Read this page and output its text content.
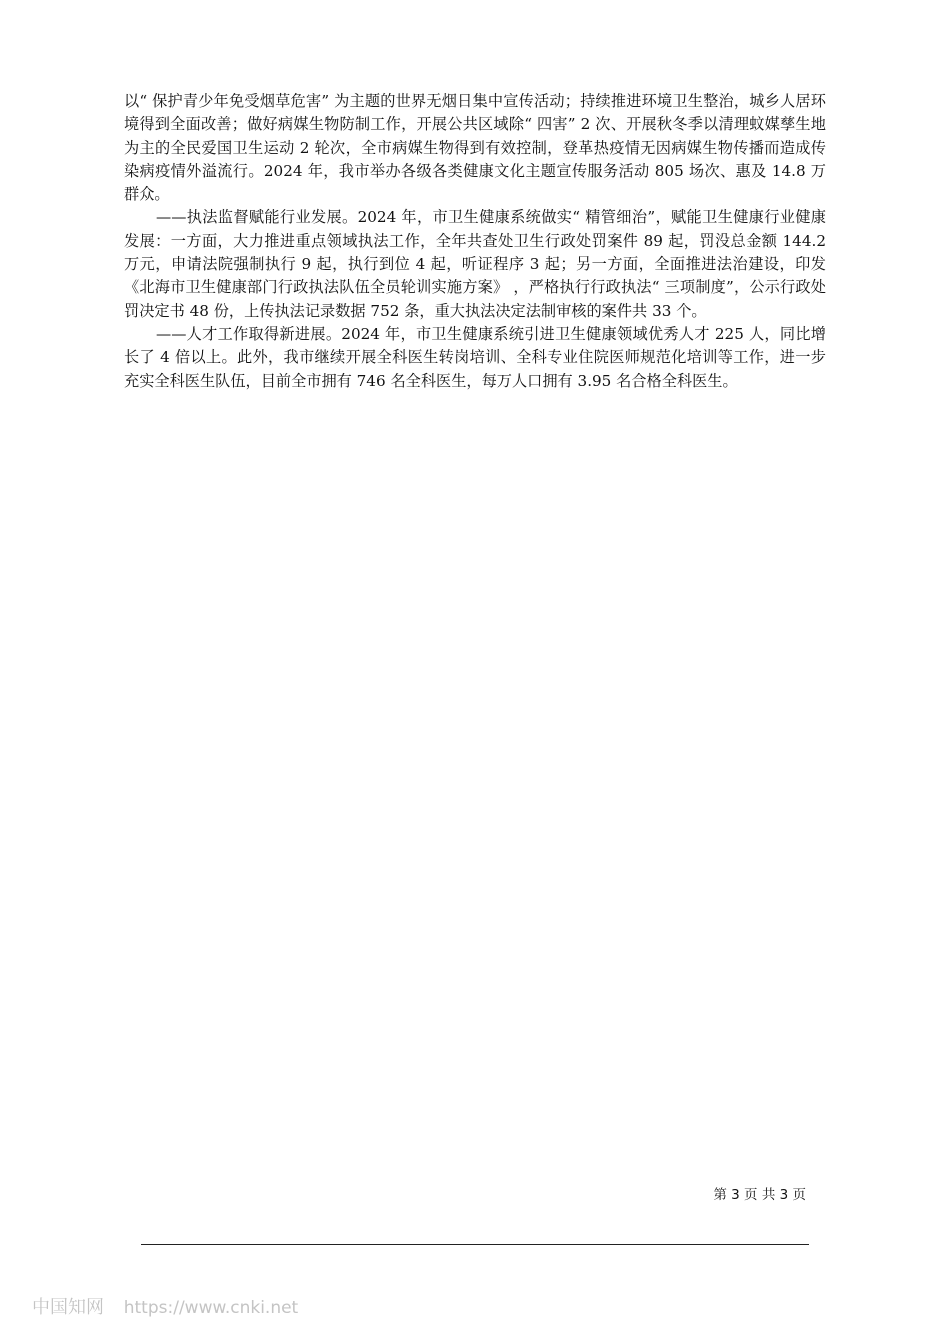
以“ 保护青少年免受烟草危害” 为主题的世界无烟日集中宣传活动；持续推进环境卫生整治，城乡人居环境得到全面改善；做好病媒生物防制工作，开展公共区域除“ 四害” 2 次、开展秋冬季以清理蚊媒孳生地为主的全民爱国卫生运动 2 轮次，全市病媒生物得到有效控制，登革热疫情无因病媒生物传播而造成传染病疫情外溢流行。2024 年，我市举办各级各类健康文化主题宣传服务活动 805 场次、惠及 14.8 万群众。

——执法监督赋能行业发展。2024 年，市卫生健康系统做实“ 精管细治”，赋能卫生健康行业健康发展：一方面，大力推进重点领域执法工作，全年共查处卫生行政处罚案件 89 起，罚没总金额 144.2 万元，申请法院强制执行 9 起，执行到位 4 起，听证程序 3 起；另一方面，全面推进法治建设，印发《北海市卫生健康部门行政执法队伍全员轮训实施方案》 ，严格执行行政执法“ 三项制度”，公示行政处罚决定书 48 份，上传执法记录数据 752 条，重大执法决定法制审核的案件共 33 个。

——人才工作取得新进展。2024 年，市卫生健康系统引进卫生健康领域优秀人才 225 人，同比增长了 4 倍以上。此外，我市继续开展全科医生转岗培训、全科专业住院医师规范化培训等工作，进一步充实全科医生队伍，目前全市拥有 746 名全科医生，每万人口拥有 3.95 名合格全科医生。

第 3 页 共 3 页
中国知网 https://www.cnki.net
